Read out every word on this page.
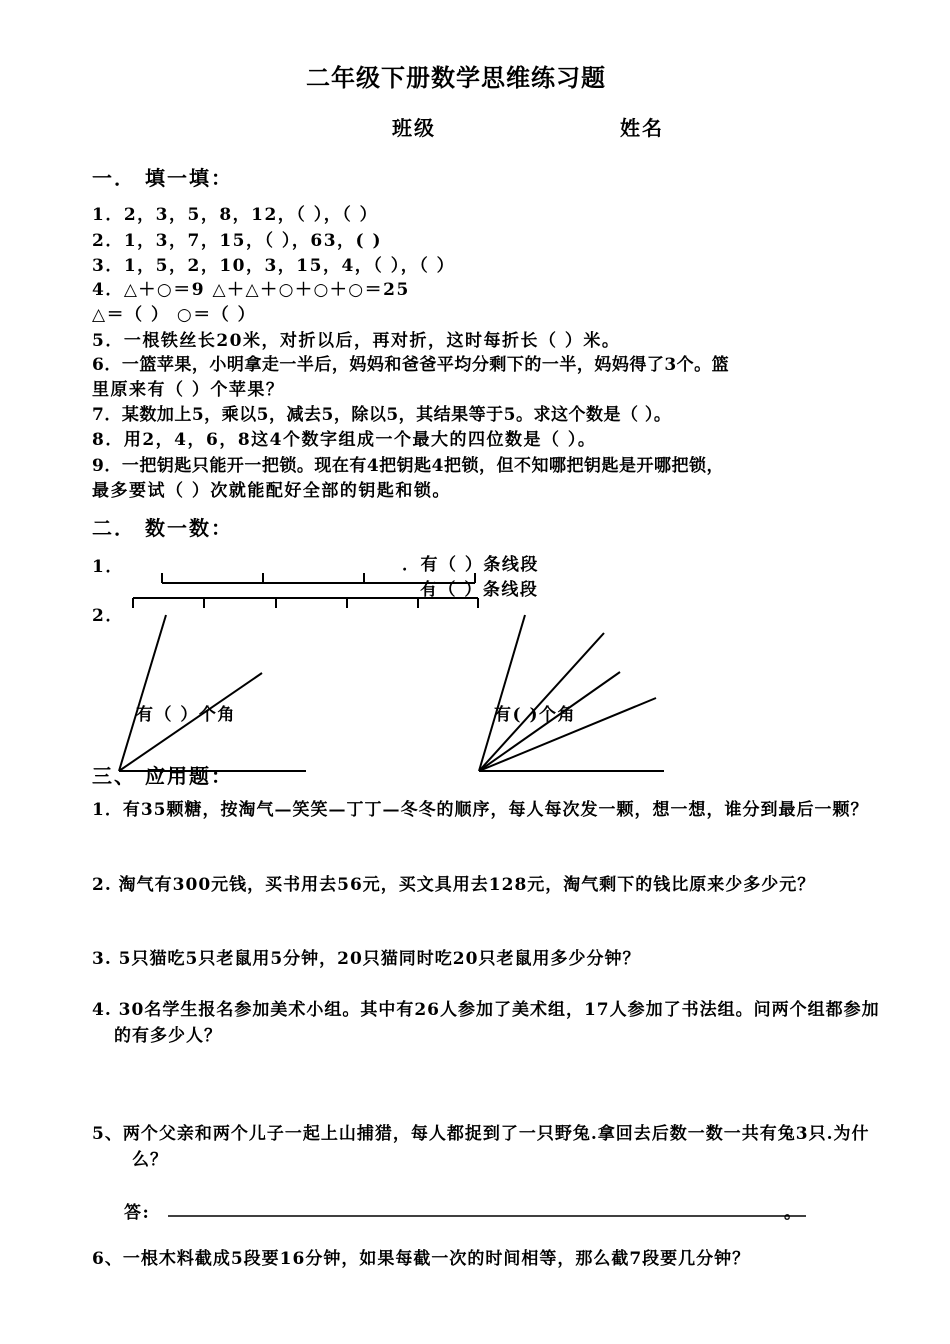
二年级下册数学思维练习题
班级	姓名
一． 填一填：
1．2，3，5，8，12，（ ），（ ）
2．1，3，7，15，（ ），63，( )
3．1，5，2，10，3，15，4，（ ），（ ）
4．△＋○＝9 △＋△＋○＋○＋○＝25
△＝（ ） ○＝（ ）
5．一根铁丝长20米，对折以后，再对折，这时每折长（ ）米。
6．一篮苹果，小明拿走一半后，妈妈和爸爸平均分剩下的一半，妈妈得了3个。篮
里原来有（ ）个苹果？
7．某数加上5，乘以5，减去5，除以5，其结果等于5。求这个数是（ ）。
8．用2，4，6，8这4个数字组成一个最大的四位数是（ ）。
9．一把钥匙只能开一把锁。现在有4把钥匙4把锁，但不知哪把钥匙是开哪把锁，
最多要试（ ）次就能配好全部的钥匙和锁。
二． 数一数：
1．	．有（ ）条线段
有（ ）条线段
2．
有（ ）个角	有( )个角
三、 应用题：
1．有35颗糖，按淘气—笑笑—丁丁—冬冬的顺序，每人每次发一颗，想一想，谁分到最后一颗？
2. 淘气有300元钱，买书用去56元，买文具用去128元，淘气剩下的钱比原来少多少元？
3. 5只猫吃5只老鼠用5分钟，20只猫同时吃20只老鼠用多少分钟？
4. 30名学生报名参加美术小组。其中有26人参加了美术组，17人参加了书法组。问两个组都参加的有多少人？
5、两个父亲和两个儿子一起上山捕猎，每人都捉到了一只野兔.拿回去后数一数一共有兔3只.为什么？
答:	。
6、一根木料截成5段要16分钟，如果每截一次的时间相等，那么截7段要几分钟？
